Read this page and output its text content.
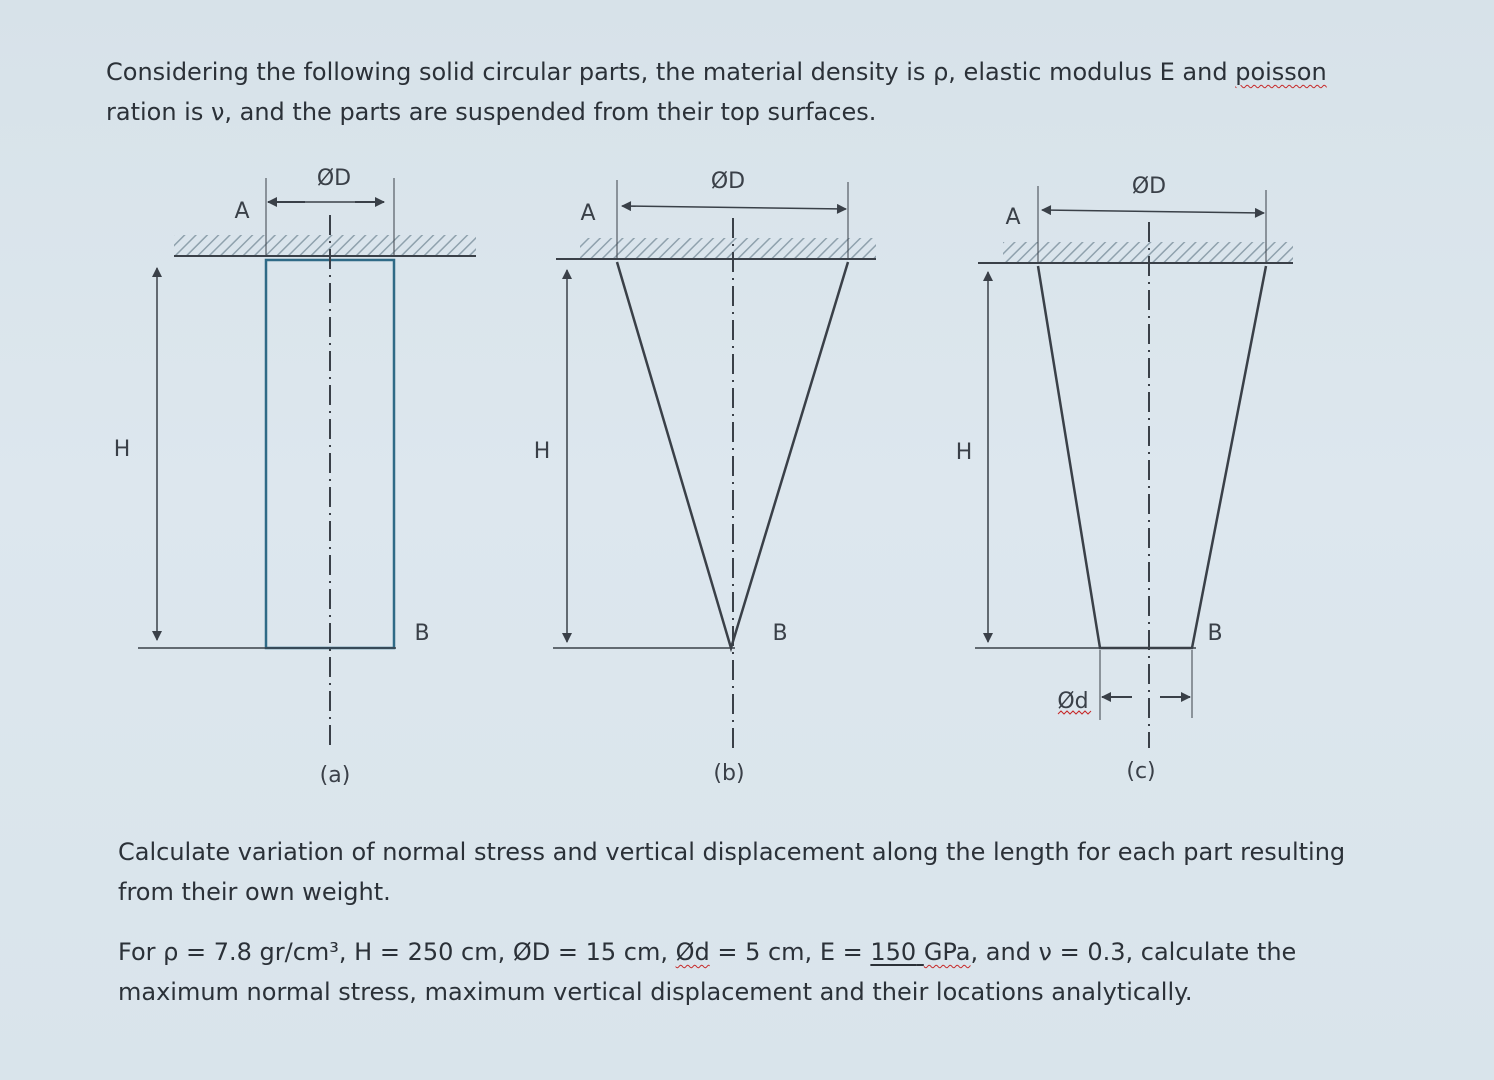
Considering the following solid circular parts, the material density is ρ, elastic modulus E and poisson
ration is ν, and the parts are suspended from their top surfaces.

ØD
A
H
B
(a)
ØD
A
H
B
(b)
ØD
A
H
B
Ød
(c)

Calculate variation of normal stress and vertical displacement along the length for each part resulting
from their own weight.

For ρ = 7.8 gr/cm³, H = 250 cm, ØD = 15 cm, Ød = 5 cm, E = 150 GPa, and ν = 0.3, calculate the
maximum normal stress, maximum vertical displacement and their locations analytically.
